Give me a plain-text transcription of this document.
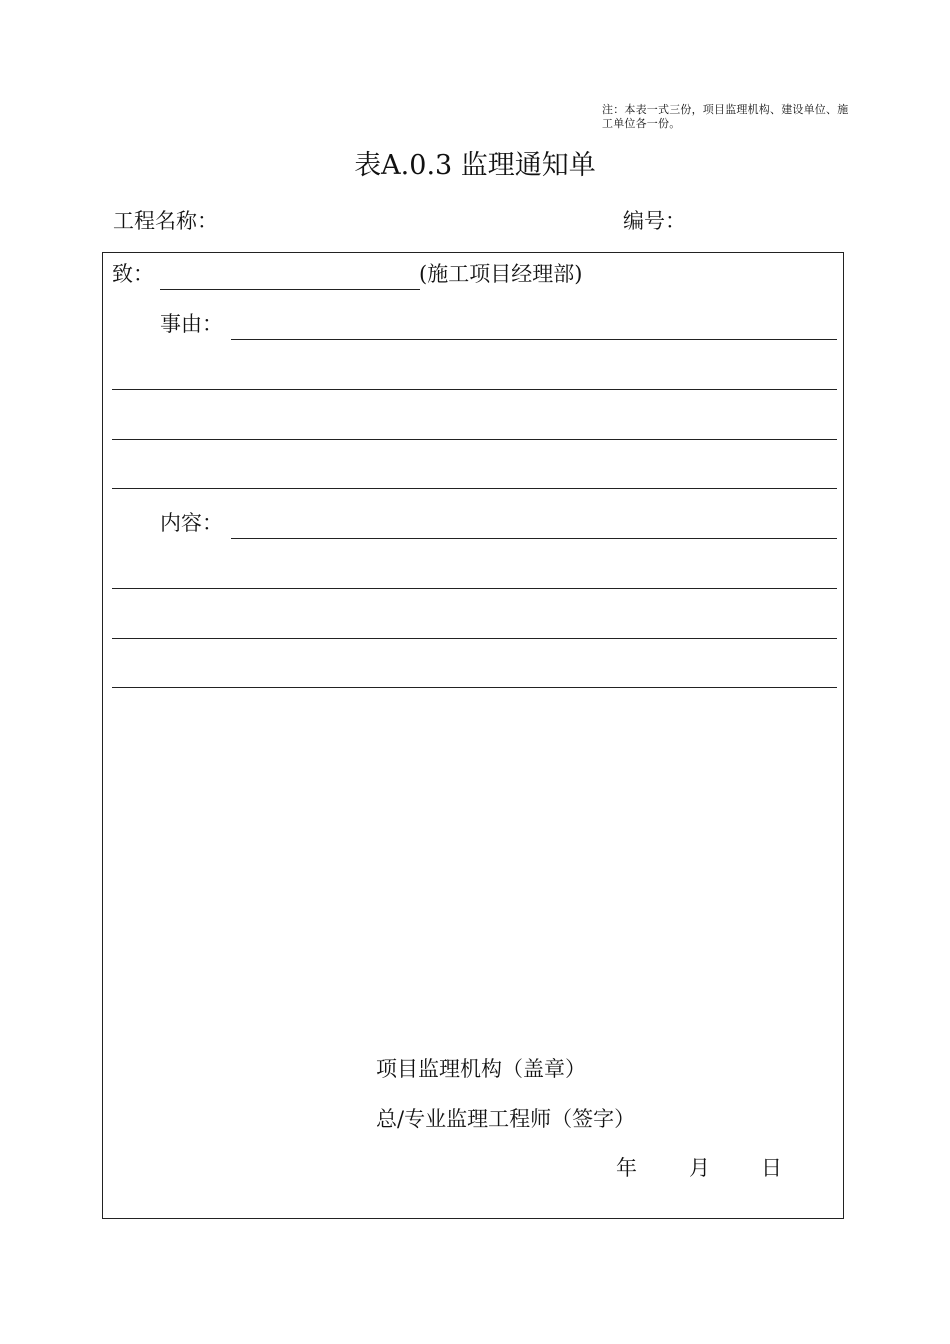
注：本表一式三份，项目监理机构、建设单位、施工单位各一份。
表A.0.3 监理通知单
工程名称：	编号：
致：	(施工项目经理部)
事由：
内容：
项目监理机构（盖章）
总/专业监理工程师（签字）
年 月 日
